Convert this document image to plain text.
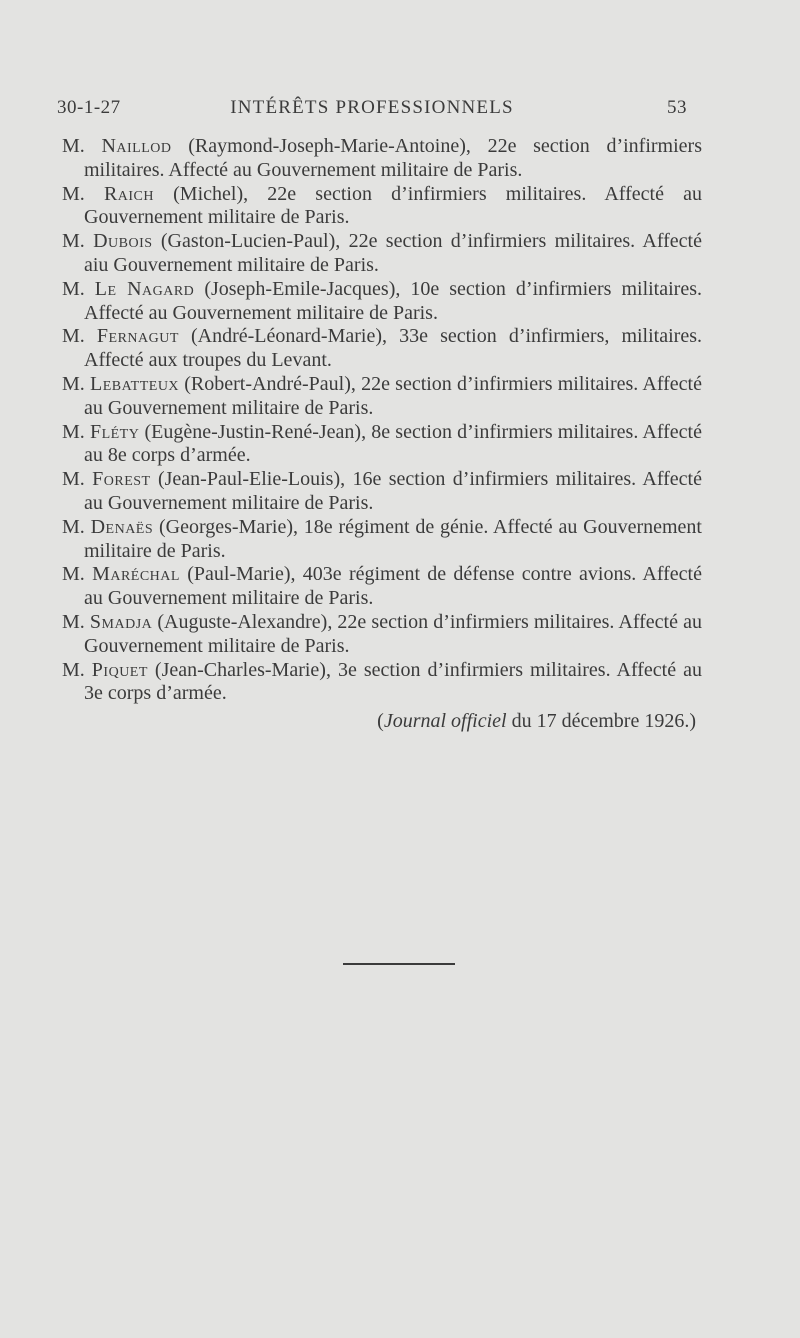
30-1-27	INTÉRÊTS PROFESSIONNELS	53
M. Naillod (Raymond-Joseph-Marie-Antoine), 22e section d’infirmiers militaires. Affecté au Gouvernement militaire de Paris.
M. Raich (Michel), 22e section d’infirmiers militaires. Affecté au Gouvernement militaire de Paris.
M. Dubois (Gaston-Lucien-Paul), 22e section d’infirmiers militaires. Affecté aiu Gouvernement militaire de Paris.
M. Le Nagard (Joseph-Emile-Jacques), 10e section d’infirmiers militaires. Affecté au Gouvernement militaire de Paris.
M. Fernagut (André-Léonard-Marie), 33e section d’infirmiers, militaires. Affecté aux troupes du Levant.
M. Lebatteux (Robert-André-Paul), 22e section d’infirmiers militaires. Affecté au Gouvernement militaire de Paris.
M. Fléty (Eugène-Justin-René-Jean), 8e section d’infirmiers militaires. Affecté au 8e corps d’armée.
M. Forest (Jean-Paul-Elie-Louis), 16e section d’infirmiers militaires. Affecté au Gouvernement militaire de Paris.
M. Denaës (Georges-Marie), 18e régiment de génie. Affecté au Gouvernement militaire de Paris.
M. Maréchal (Paul-Marie), 403e régiment de défense contre avions. Affecté au Gouvernement militaire de Paris.
M. Smadja (Auguste-Alexandre), 22e section d’infirmiers militaires. Affecté au Gouvernement militaire de Paris.
M. Piquet (Jean-Charles-Marie), 3e section d’infirmiers militaires. Affecté au 3e corps d’armée.
(Journal officiel du 17 décembre 1926.)
